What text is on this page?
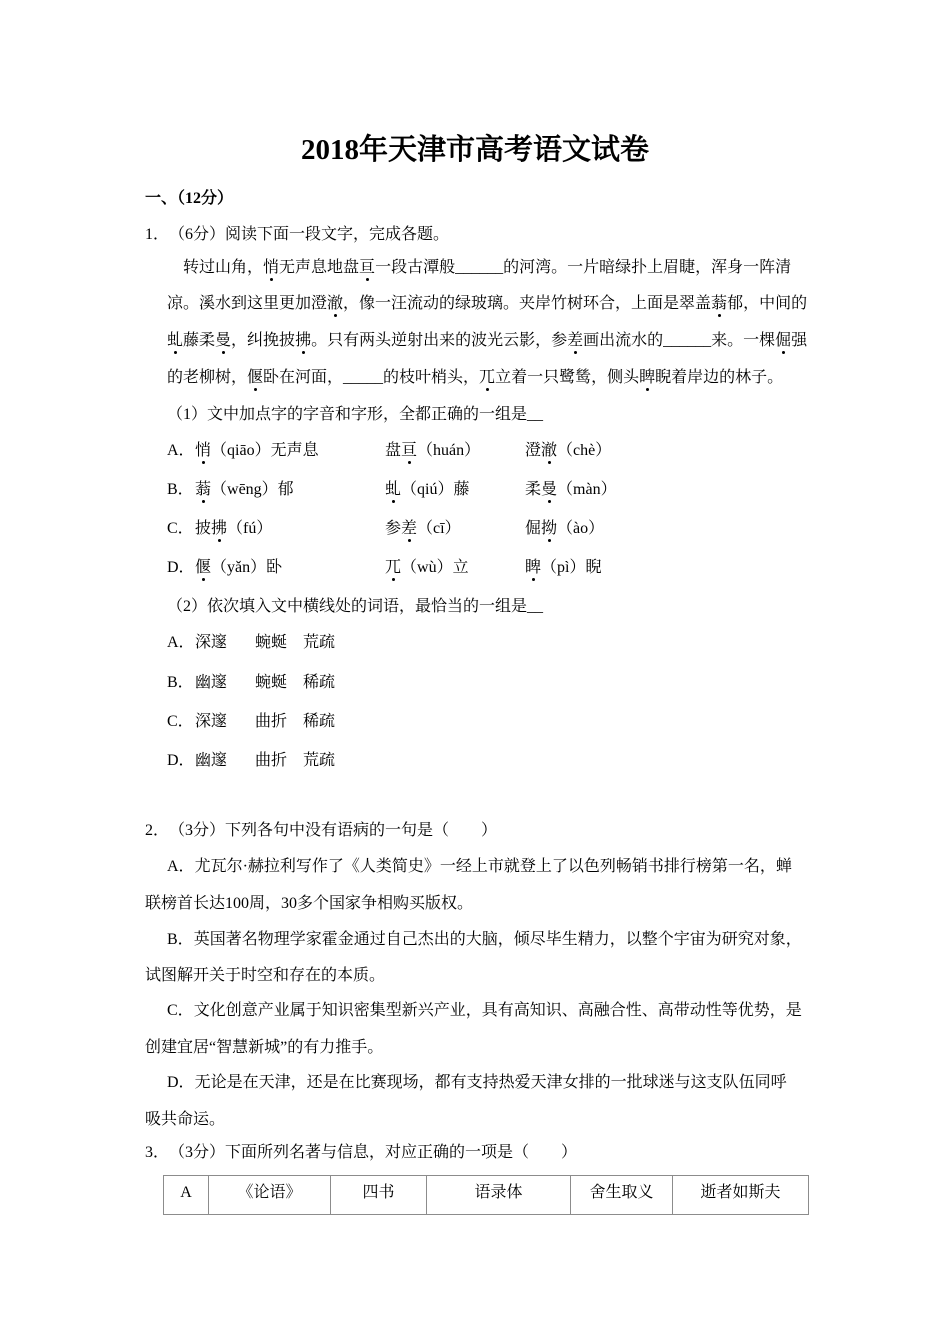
2018年天津市高考语文试卷
一、（12分）
1． （6分）阅读下面一段文字，完成各题。
转过山角， 悄 无声息地盘 亘 一段古潭般______的河湾。一片暗绿扑上眉睫，浑身一阵清
凉。溪水到这里更加澄 澈 ，像一汪流动的绿玻璃。夹岸竹树环合，上面是翠盖 蓊 郁，中间的
虬 藤柔 曼 ，纠挽披 拂 。只有两头逆射出来的波光云影，参 差 画出流水的______来。一棵 倔 强
的老柳树， 偃 卧在河面，_____的枝叶梢头， 兀 立着一只鹭鸶，侧头 睥 睨着岸边的林子。
（1）文中加点字的字音和字形，全都正确的一组是__
A． 悄 （qiāo）无声息	盘 亘 （huán）	澄 澈 （chè）
B． 蓊 （wēng）郁	虬 （qiú）藤	柔 曼 （màn）
C． 披 拂 （fú）	参 差 （cī）	倔 拗 （ào）
D． 偃 （yǎn）卧	兀 （wù）立	睥 （pì）睨
（2）依次填入文中横线处的词语，最恰当的一组是__
A． 深邃	蜿蜒 荒疏
B． 幽邃	蜿蜒 稀疏
C． 深邃	曲折 稀疏
D． 幽邃	曲折 荒疏
2． （3分）下列各句中没有语病的一句是（　　）
A． 尤瓦尔·赫拉利写作了《人类简史》一经上市就登上了以色列畅销书排行榜第一名，蝉
联榜首长达100周，30多个国家争相购买版权。
B． 英国著名物理学家霍金通过自己杰出的大脑，倾尽毕生精力，以整个宇宙为研究对象，
试图解开关于时空和存在的本质。
C． 文化创意产业属于知识密集型新兴产业，具有高知识、高融合性、高带动性等优势，是
创建宜居“智慧新城”的有力推手。
D． 无论是在天津，还是在比赛现场，都有支持热爱天津女排的一批球迷与这支队伍同呼
吸共命运。
3． （3分）下面所列名著与信息，对应正确的一项是（　　）
A	《论语》	四书	语录体	舍生取义	逝者如斯夫
